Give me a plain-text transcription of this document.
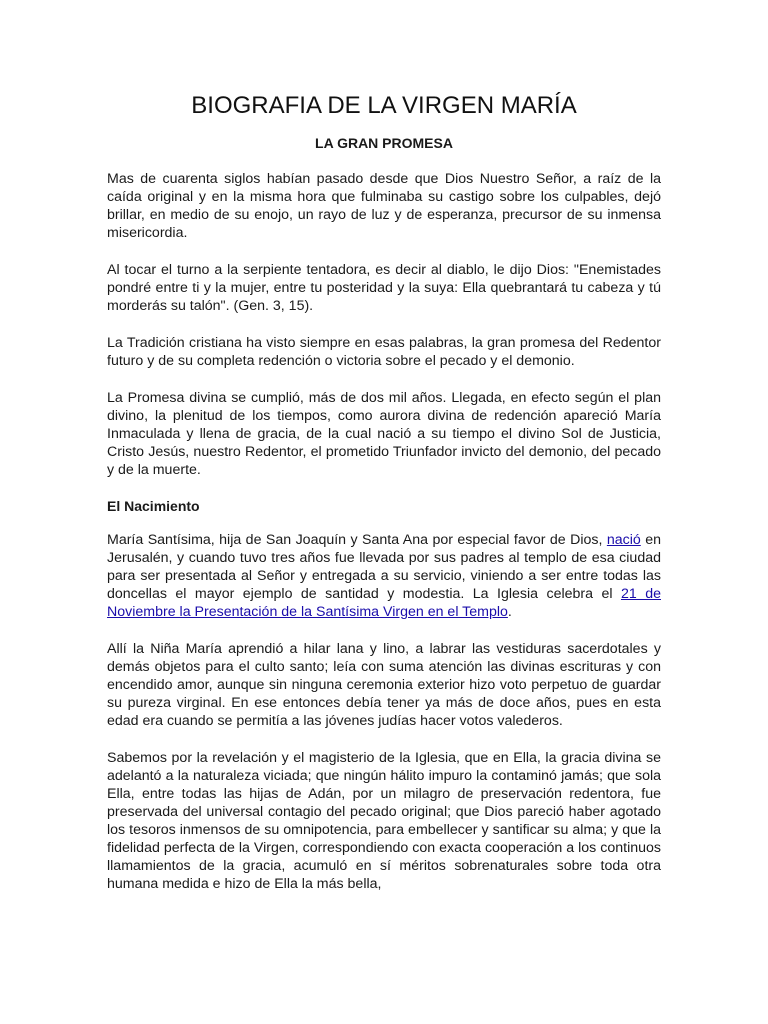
BIOGRAFIA DE LA VIRGEN MARÍA
LA GRAN PROMESA

Mas de cuarenta siglos habían pasado desde que Dios Nuestro Señor, a raíz de la caída original y en la misma hora que fulminaba su castigo sobre los culpables, dejó brillar, en medio de su enojo, un rayo de luz y de esperanza, precursor de su inmensa misericordia.

Al tocar el turno a la serpiente tentadora, es decir al diablo, le dijo Dios: "Enemistades pondré entre ti y la mujer, entre tu posteridad y la suya: Ella quebrantará tu cabeza y tú morderás su talón". (Gen. 3, 15).

La Tradición cristiana ha visto siempre en esas palabras, la gran promesa del Redentor futuro y de su completa redención o victoria sobre el pecado y el demonio.

La Promesa divina se cumplió, más de dos mil años. Llegada, en efecto según el plan divino, la plenitud de los tiempos, como aurora divina de redención apareció María Inmaculada y llena de gracia, de la cual nació a su tiempo el divino Sol de Justicia, Cristo Jesús, nuestro Redentor, el prometido Triunfador invicto del demonio, del pecado y de la muerte.

El Nacimiento

María Santísima, hija de San Joaquín y Santa Ana por especial favor de Dios, nació en Jerusalén, y cuando tuvo tres años fue llevada por sus padres al templo de esa ciudad para ser presentada al Señor y entregada a su servicio, viniendo a ser entre todas las doncellas el mayor ejemplo de santidad y modestia. La Iglesia celebra el 21 de Noviembre la Presentación de la Santísima Virgen en el Templo.

Allí la Niña María aprendió a hilar lana y lino, a labrar las vestiduras sacerdotales y demás objetos para el culto santo; leía con suma atención las divinas escrituras y con encendido amor, aunque sin ninguna ceremonia exterior hizo voto perpetuo de guardar su pureza virginal. En ese entonces debía tener ya más de doce años, pues en esta edad era cuando se permitía a las jóvenes judías hacer votos valederos.

Sabemos por la revelación y el magisterio de la Iglesia, que en Ella, la gracia divina se adelantó a la naturaleza viciada; que ningún hálito impuro la contaminó jamás; que sola Ella, entre todas las hijas de Adán, por un milagro de preservación redentora, fue preservada del universal contagio del pecado original; que Dios pareció haber agotado los tesoros inmensos de su omnipotencia, para embellecer y santificar su alma; y que la fidelidad perfecta de la Virgen, correspondiendo con exacta cooperación a los continuos llamamientos de la gracia, acumuló en sí méritos sobrenaturales sobre toda otra humana medida e hizo de Ella la más bella,
